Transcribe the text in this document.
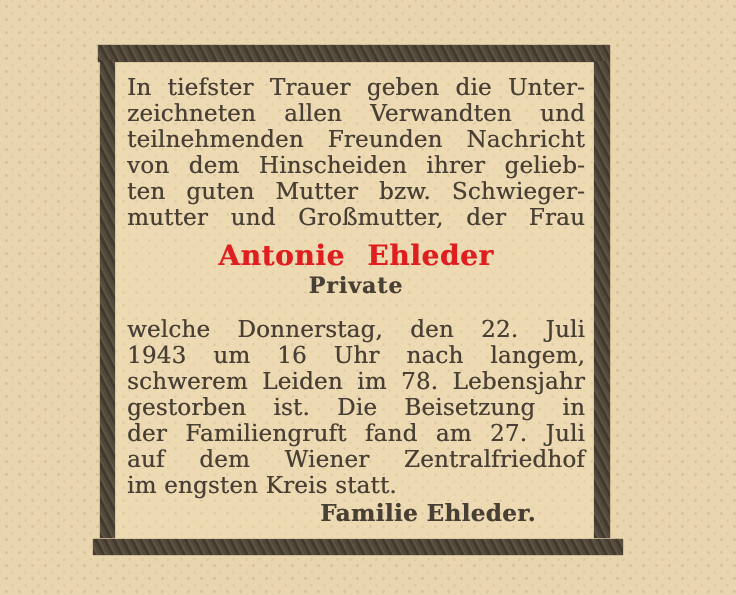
In tiefster Trauer geben die Unter-
zeichneten allen Verwandten und
teilnehmenden Freunden Nachricht
von dem Hinscheiden ihrer gelieb-
ten guten Mutter bzw. Schwieger-
mutter und Großmutter, der Frau
Antonie Ehleder
Private
welche Donnerstag, den 22. Juli
1943 um 16 Uhr nach langem,
schwerem Leiden im 78. Lebensjahr
gestorben ist. Die Beisetzung in
der Familiengruft fand am 27. Juli
auf dem Wiener Zentralfriedhof
im engsten Kreis statt.
Familie Ehleder.
